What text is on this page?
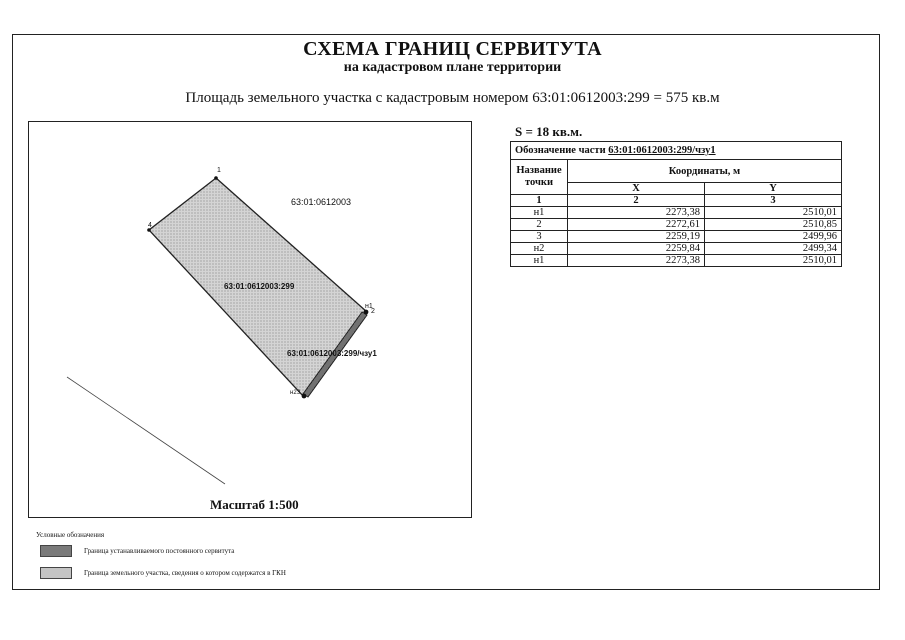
СХЕМА ГРАНИЦ СЕРВИТУТА
на кадастровом плане территории
Площадь земельного участка с кадастровым номером 63:01:0612003:299 = 575 кв.м
1
4
н1
2
н2 3
63:01:0612003
63:01:0612003:299
63:01:0612003:299/чзу1
Масштаб 1:500
S = 18 кв.м.
Обозначение части 63:01:0612003:299/чзу1		
Название точки	Координаты, м	
	X	Y
1	2	3
н1	2273,38	2510,01
2	2272,61	2510,85
3	2259,19	2499,96
н2	2259,84	2499,34
н1	2273,38	2510,01
Условные обозначения
Граница устанавливаемого постоянного сервитута
Граница земельного участка, сведения о котором содержатся в ГКН
